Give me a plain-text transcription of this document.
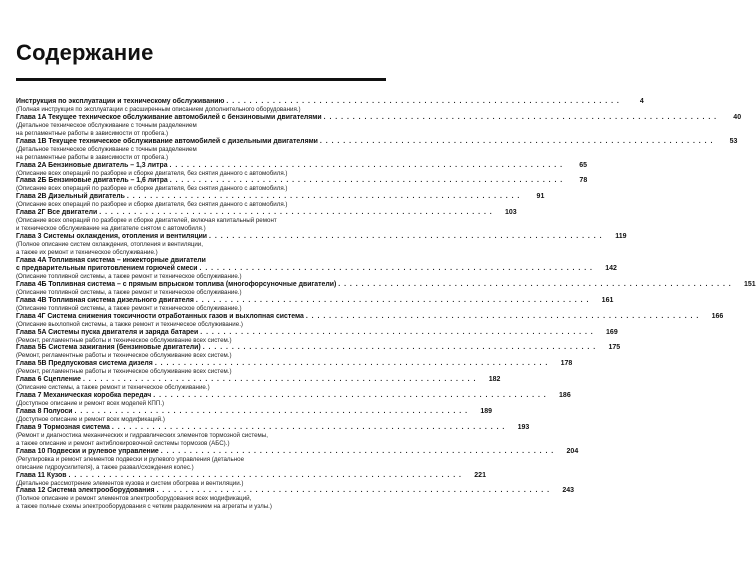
Содержание
Инструкция по эксплуатации и техническому обслуживанию . . . . . . . . . . . . . . . . . . . . . . . . . . . . . . . . . . . . . . . . . . . . . . . . . . . . . . . . . . . . . . . . . . . .	4
(Полная инструкция по эксплуатации с расширенным описанием дополнительного оборудования.)
Глава 1A Текущее техническое обслуживание автомобилей с бензиновыми двигателями . . . . . . . . . . . . . . . . . . . . . . . . . . . . . . . . . . . . . . . . . . . . . . . . . . . . . . . . . . . . . . . . . . . .	40
(Детальное техническое обслуживание с точным разделением
на регламентные работы в зависимости от пробега.)
Глава 1B Текущее техническое обслуживание автомобилей с дизельными двигателями . . . . . . . . . . . . . . . . . . . . . . . . . . . . . . . . . . . . . . . . . . . . . . . . . . . . . . . . . . . . . . . . . . . .	53
(Детальное техническое обслуживание с точным разделением
на регламентные работы в зависимости от пробега.)
Глава 2A Бензиновые двигатель – 1,3 литра . . . . . . . . . . . . . . . . . . . . . . . . . . . . . . . . . . . . . . . . . . . . . . . . . . . . . . . . . . . . . . . . . . . .	65
(Описание всех операций по разборке и сборке двигателя, без снятия данного с автомобиля.)
Глава 2Б Бензиновые двигатель – 1,6 литра . . . . . . . . . . . . . . . . . . . . . . . . . . . . . . . . . . . . . . . . . . . . . . . . . . . . . . . . . . . . . . . . . . . .	78
(Описание всех операций по разборке и сборке двигателя, без снятия данного с автомобиля.)
Глава 2B Дизельный двигатель . . . . . . . . . . . . . . . . . . . . . . . . . . . . . . . . . . . . . . . . . . . . . . . . . . . . . . . . . . . . . . . . . . . .	91
(Описание всех операций по разборке и сборке двигателя, без снятия данного с автомобиля.)
Глава 2Г Все двигатели . . . . . . . . . . . . . . . . . . . . . . . . . . . . . . . . . . . . . . . . . . . . . . . . . . . . . . . . . . . . . . . . . . . .	103
(Описание всех операций по разборке и сборке двигателей, включая капитальный ремонт
и техническое обслуживание на двигателе снятом с автомобиля.)
Глава 3 Системы охлаждения, отопления и вентиляции . . . . . . . . . . . . . . . . . . . . . . . . . . . . . . . . . . . . . . . . . . . . . . . . . . . . . . . . . . . . . . . . . . . .	119
(Полное описание систем охлаждения, отопления и вентиляции,
а также их ремонт и техническое обслуживание.)
Глава 4A Топливная система – инжекторные двигатели
с предварительным приготовлением горючей смеси . . . . . . . . . . . . . . . . . . . . . . . . . . . . . . . . . . . . . . . . . . . . . . . . . . . . . . . . . . . . . . . . . . . .	142
(Описание топливной системы, а также ремонт и техническое обслуживание.)
Глава 4Б Топливная система – с прямым впрыском топлива (многофорсуночные двигатели) . . . . . . . . . . . . . . . . . . . . . . . . . . . . . . . . . . . . . . . . . . . . . . . . . . . . . . . . . . . . . . . . . . . .	151
(Описание топливной системы, а также ремонт и техническое обслуживание.)
Глава 4В Топливная система дизельного двигателя . . . . . . . . . . . . . . . . . . . . . . . . . . . . . . . . . . . . . . . . . . . . . . . . . . . . . . . . . . . . . . . . . . . .	161
(Описание топливной системы, а также ремонт и техническое обслуживание.)
Глава 4Г Система снижения токсичности отработанных газов и выхлопная система . . . . . . . . . . . . . . . . . . . . . . . . . . . . . . . . . . . . . . . . . . . . . . . . . . . . . . . . . . . . . . . . . . . .	166
(Описание выхлопной системы, а также ремонт и техническое обслуживание.)
Глава 5A Системы пуска двигателя и заряда батареи . . . . . . . . . . . . . . . . . . . . . . . . . . . . . . . . . . . . . . . . . . . . . . . . . . . . . . . . . . . . . . . . . . . .	169
(Ремонт, регламентные работы и техническое обслуживание всех систем.)
Глава 5Б Система зажигания (бензиновые двигатели) . . . . . . . . . . . . . . . . . . . . . . . . . . . . . . . . . . . . . . . . . . . . . . . . . . . . . . . . . . . . . . . . . . . .	175
(Ремонт, регламентные работы и техническое обслуживание всех систем.)
Глава 5B Предпусковая система дизеля . . . . . . . . . . . . . . . . . . . . . . . . . . . . . . . . . . . . . . . . . . . . . . . . . . . . . . . . . . . . . . . . . . . .	178
(Ремонт, регламентные работы и техническое обслуживание всех систем.)
Глава 6 Сцепление . . . . . . . . . . . . . . . . . . . . . . . . . . . . . . . . . . . . . . . . . . . . . . . . . . . . . . . . . . . . . . . . . . . .	182
(Описание системы, а также ремонт и техническое обслуживание.)
Глава 7 Механическая коробка передач . . . . . . . . . . . . . . . . . . . . . . . . . . . . . . . . . . . . . . . . . . . . . . . . . . . . . . . . . . . . . . . . . . . .	186
(Доступное описание и ремонт всех моделей КПП.)
Глава 8 Полуоси . . . . . . . . . . . . . . . . . . . . . . . . . . . . . . . . . . . . . . . . . . . . . . . . . . . . . . . . . . . . . . . . . . . .	189
(Доступное описание и ремонт всех модификаций.)
Глава 9 Тормозная система . . . . . . . . . . . . . . . . . . . . . . . . . . . . . . . . . . . . . . . . . . . . . . . . . . . . . . . . . . . . . . . . . . . .	193
(Ремонт и диагностика механических и гидравлических элементов тормозной системы,
а также описание и ремонт антиблокировочной системы тормозов (АБС).)
Глава 10 Подвески и рулевое управление . . . . . . . . . . . . . . . . . . . . . . . . . . . . . . . . . . . . . . . . . . . . . . . . . . . . . . . . . . . . . . . . . . . .	204
(Регулировка и ремонт элементов подвески и рулевого управления (детальное
описание гидроусилителя), а также развал/схождения колес.)
Глава 11 Кузов . . . . . . . . . . . . . . . . . . . . . . . . . . . . . . . . . . . . . . . . . . . . . . . . . . . . . . . . . . . . . . . . . . . .	221
(Детальное рассмотрение элементов кузова и систем обогрева и вентиляции.)
Глава 12 Система электрооборудования . . . . . . . . . . . . . . . . . . . . . . . . . . . . . . . . . . . . . . . . . . . . . . . . . . . . . . . . . . . . . . . . . . . .	243
(Полное описание и ремонт элементов электрооборудования всех модификаций,
а также полные схемы электрооборудования с четким разделением на агрегаты и узлы.)
